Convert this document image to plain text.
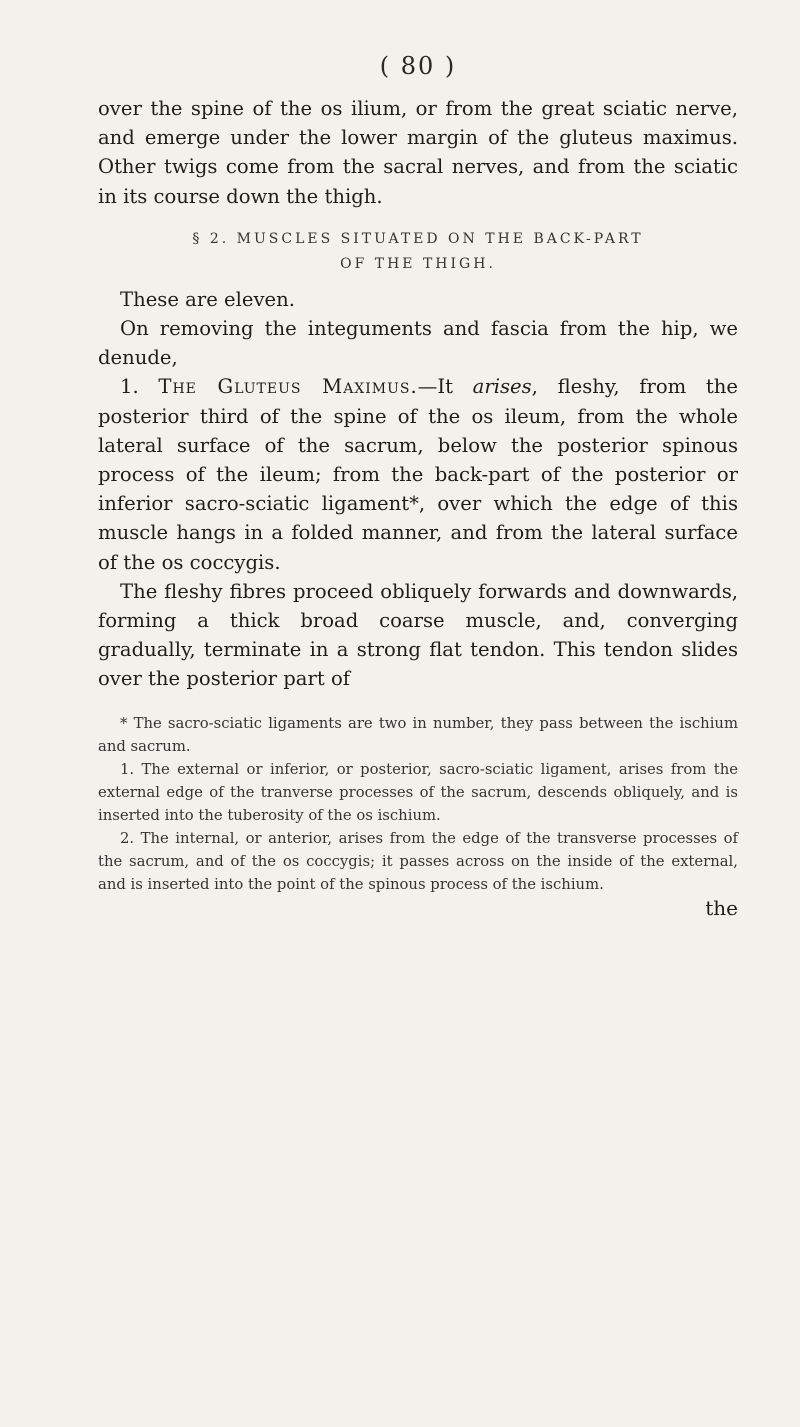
( 80 )

over the spine of the os ilium, or from the great sciatic nerve, and emerge under the lower margin of the gluteus maximus. Other twigs come from the sacral nerves, and from the sciatic in its course down the thigh.

§ 2. MUSCLES SITUATED ON THE BACK-PART
OF THE THIGH.

These are eleven.

On removing the integuments and fascia from the hip, we denude,

1. The Gluteus Maximus.—It arises, fleshy, from the posterior third of the spine of the os ileum, from the whole lateral surface of the sacrum, below the posterior spinous process of the ileum; from the back-part of the posterior or inferior sacro-sciatic ligament*, over which the edge of this muscle hangs in a folded manner, and from the lateral surface of the os coccygis.

The fleshy fibres proceed obliquely forwards and downwards, forming a thick broad coarse muscle, and, converging gradually, terminate in a strong flat tendon. This tendon slides over the posterior part of

* The sacro-sciatic ligaments are two in number, they pass between the ischium and sacrum.

1. The external or inferior, or posterior, sacro-sciatic ligament, arises from the external edge of the tranverse processes of the sacrum, descends obliquely, and is inserted into the tuberosity of the os ischium.

2. The internal, or anterior, arises from the edge of the transverse processes of the sacrum, and of the os coccygis; it passes across on the inside of the external, and is inserted into the point of the spinous process of the ischium.

the
